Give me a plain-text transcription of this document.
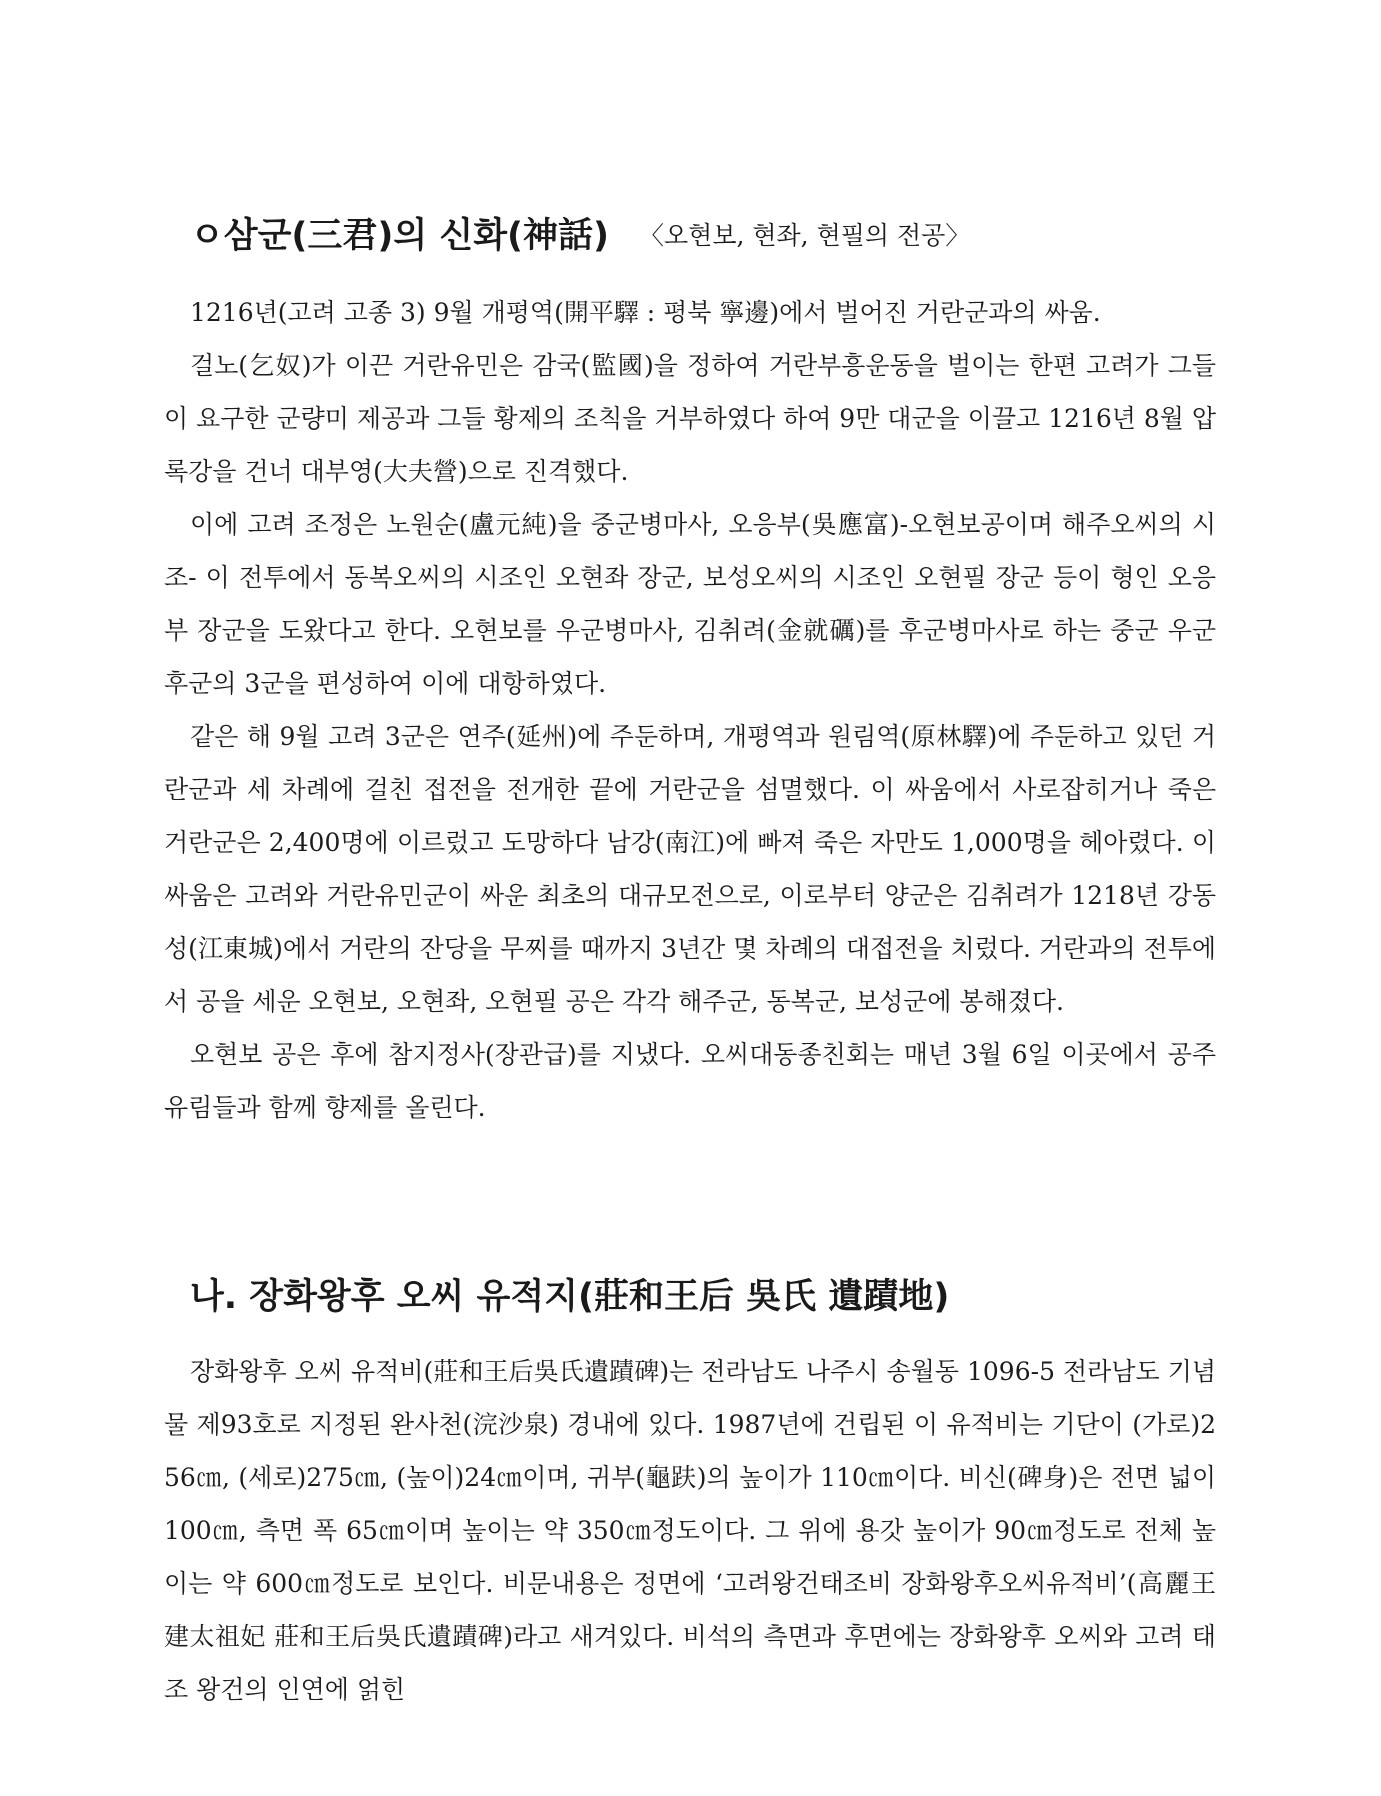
ㅇ삼군(三君)의 신화(神話) 〈오현보, 현좌, 현필의 전공〉

1216년(고려 고종 3) 9월 개평역(開平驛 : 평북 寧邊)에서 벌어진 거란군과의 싸움.

걸노(乞奴)가 이끈 거란유민은 감국(監國)을 정하여 거란부흥운동을 벌이는 한편 고려가 그들이 요구한 군량미 제공과 그들 황제의 조칙을 거부하였다 하여 9만 대군을 이끌고 1216년 8월 압록강을 건너 대부영(大夫營)으로 진격했다.

이에 고려 조정은 노원순(盧元純)을 중군병마사, 오응부(吳應富)-오현보공이며 해주오씨의 시조- 이 전투에서 동복오씨의 시조인 오현좌 장군, 보성오씨의 시조인 오현필 장군 등이 형인 오응부 장군을 도왔다고 한다. 오현보를 우군병마사, 김취려(金就礪)를 후군병마사로 하는 중군 우군 후군의 3군을 편성하여 이에 대항하였다.

같은 해 9월 고려 3군은 연주(延州)에 주둔하며, 개평역과 원림역(原林驛)에 주둔하고 있던 거란군과 세 차례에 걸친 접전을 전개한 끝에 거란군을 섬멸했다. 이 싸움에서 사로잡히거나 죽은 거란군은 2,400명에 이르렀고 도망하다 남강(南江)에 빠져 죽은 자만도 1,000명을 헤아렸다. 이 싸움은 고려와 거란유민군이 싸운 최초의 대규모전으로, 이로부터 양군은 김취려가 1218년 강동성(江東城)에서 거란의 잔당을 무찌를 때까지 3년간 몇 차례의 대접전을 치렀다. 거란과의 전투에서 공을 세운 오현보, 오현좌, 오현필 공은 각각 해주군, 동복군, 보성군에 봉해졌다.

오현보 공은 후에 참지정사(장관급)를 지냈다. 오씨대동종친회는 매년 3월 6일 이곳에서 공주유림들과 함께 향제를 올린다.

나. 장화왕후 오씨 유적지(莊和王后 吳氏 遺蹟地)

장화왕후 오씨 유적비(莊和王后吳氏遺蹟碑)는 전라남도 나주시 송월동 1096-5 전라남도 기념물 제93호로 지정된 완사천(浣沙泉) 경내에 있다. 1987년에 건립된 이 유적비는 기단이 (가로)256㎝, (세로)275㎝, (높이)24㎝이며, 귀부(龜趺)의 높이가 110㎝이다. 비신(碑身)은 전면 넓이 100㎝, 측면 폭 65㎝이며 높이는 약 350㎝정도이다. 그 위에 용갓 높이가 90㎝정도로 전체 높이는 약 600㎝정도로 보인다. 비문내용은 정면에 ‘고려왕건태조비 장화왕후오씨유적비’(高麗王建太祖妃 莊和王后吳氏遺蹟碑)라고 새겨있다. 비석의 측면과 후면에는 장화왕후 오씨와 고려 태조 왕건의 인연에 얽힌
